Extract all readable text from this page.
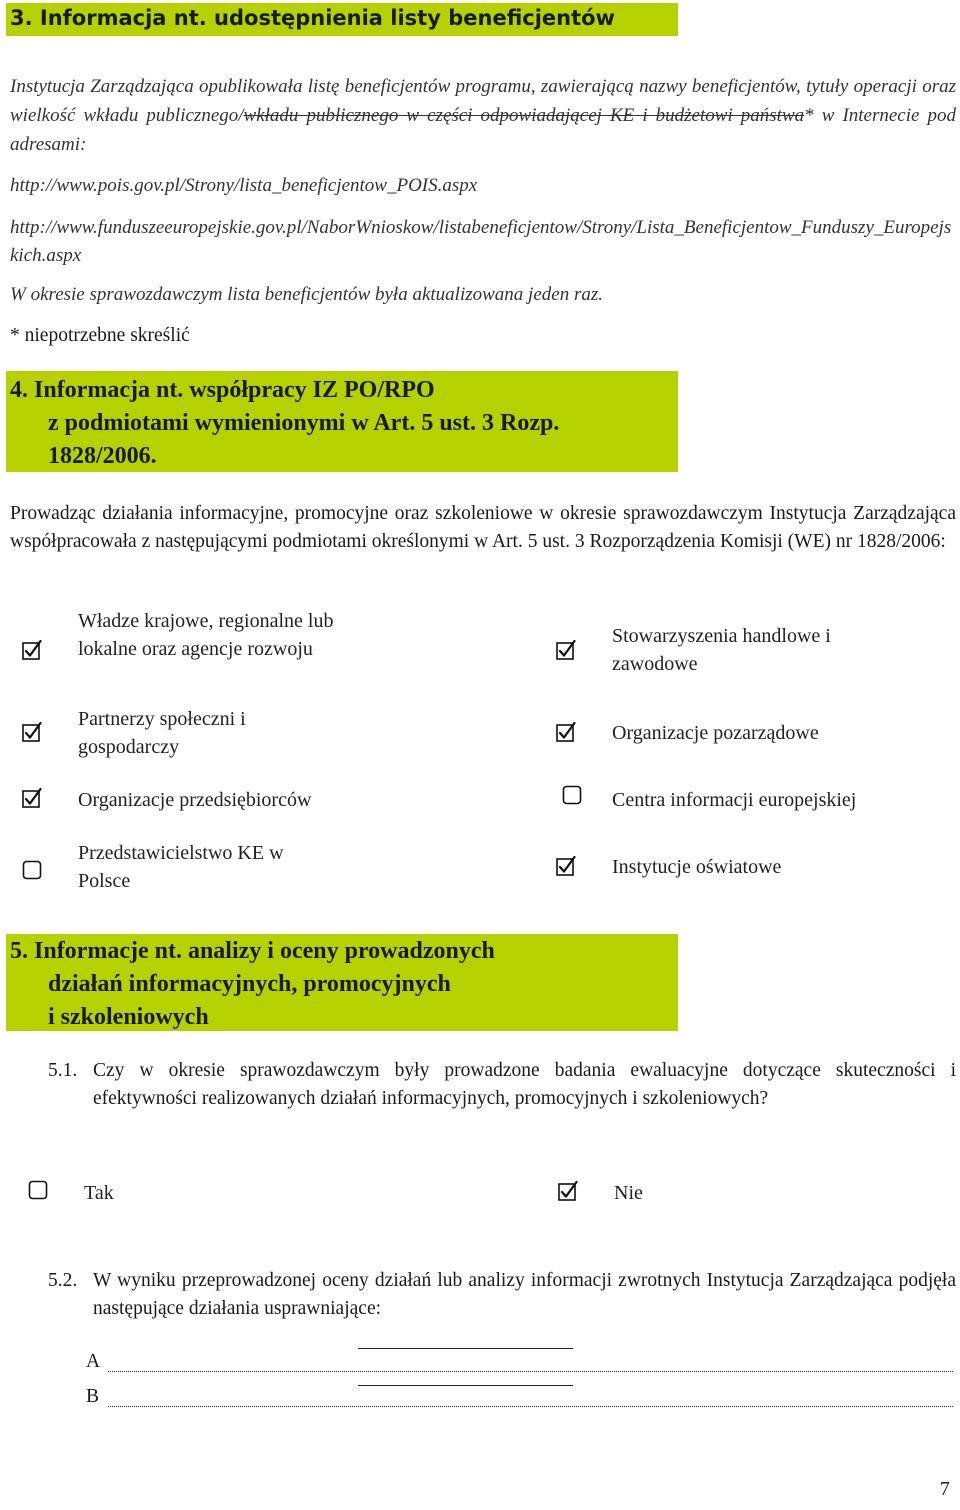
3. Informacja nt. udostępnienia listy beneficjentów
Instytucja Zarządzająca opublikowała listę beneficjentów programu, zawierającą nazwy beneficjentów, tytuły operacji oraz wielkość wkładu publicznego/wkładu publicznego w części odpowiadającej KE i budżetowi państwa* w Internecie pod adresami:
http://www.pois.gov.pl/Strony/lista_beneficjentow_POIS.aspx
http://www.funduszeeuropejskie.gov.pl/NaborWnioskow/listabeneficjentow/Strony/Lista_Beneficjentow_Funduszy_Europejskich.aspx
W okresie sprawozdawczym lista beneficjentów była aktualizowana jeden raz.
* niepotrzebne skreślić
4. Informacja nt. współpracy IZ PO/RPO
z podmiotami wymienionymi w Art. 5 ust. 3 Rozp.
1828/2006.
Prowadząc działania informacyjne, promocyjne oraz szkoleniowe w okresie sprawozdawczym Instytucja Zarządzająca współpracowała z następującymi podmiotami określonymi w Art. 5 ust. 3 Rozporządzenia Komisji (WE) nr 1828/2006:
Władze krajowe, regionalne lub lokalne oraz agencje rozwoju
Stowarzyszenia handlowe i zawodowe
Partnerzy społeczni i gospodarczy
Organizacje pozarządowe
Organizacje przedsiębiorców	Centra informacji europejskiej
Przedstawicielstwo KE w Polsce
Instytucje oświatowe
5. Informacje nt. analizy i oceny prowadzonych
działań informacyjnych, promocyjnych
i szkoleniowych
5.1. Czy w okresie sprawozdawczym były prowadzone badania ewaluacyjne dotyczące skuteczności i efektywności realizowanych działań informacyjnych, promocyjnych i szkoleniowych?
Tak	Nie
5.2. W wyniku przeprowadzonej oceny działań lub analizy informacji zwrotnych Instytucja Zarządzająca podjęła następujące działania usprawniające:
A
B
7
